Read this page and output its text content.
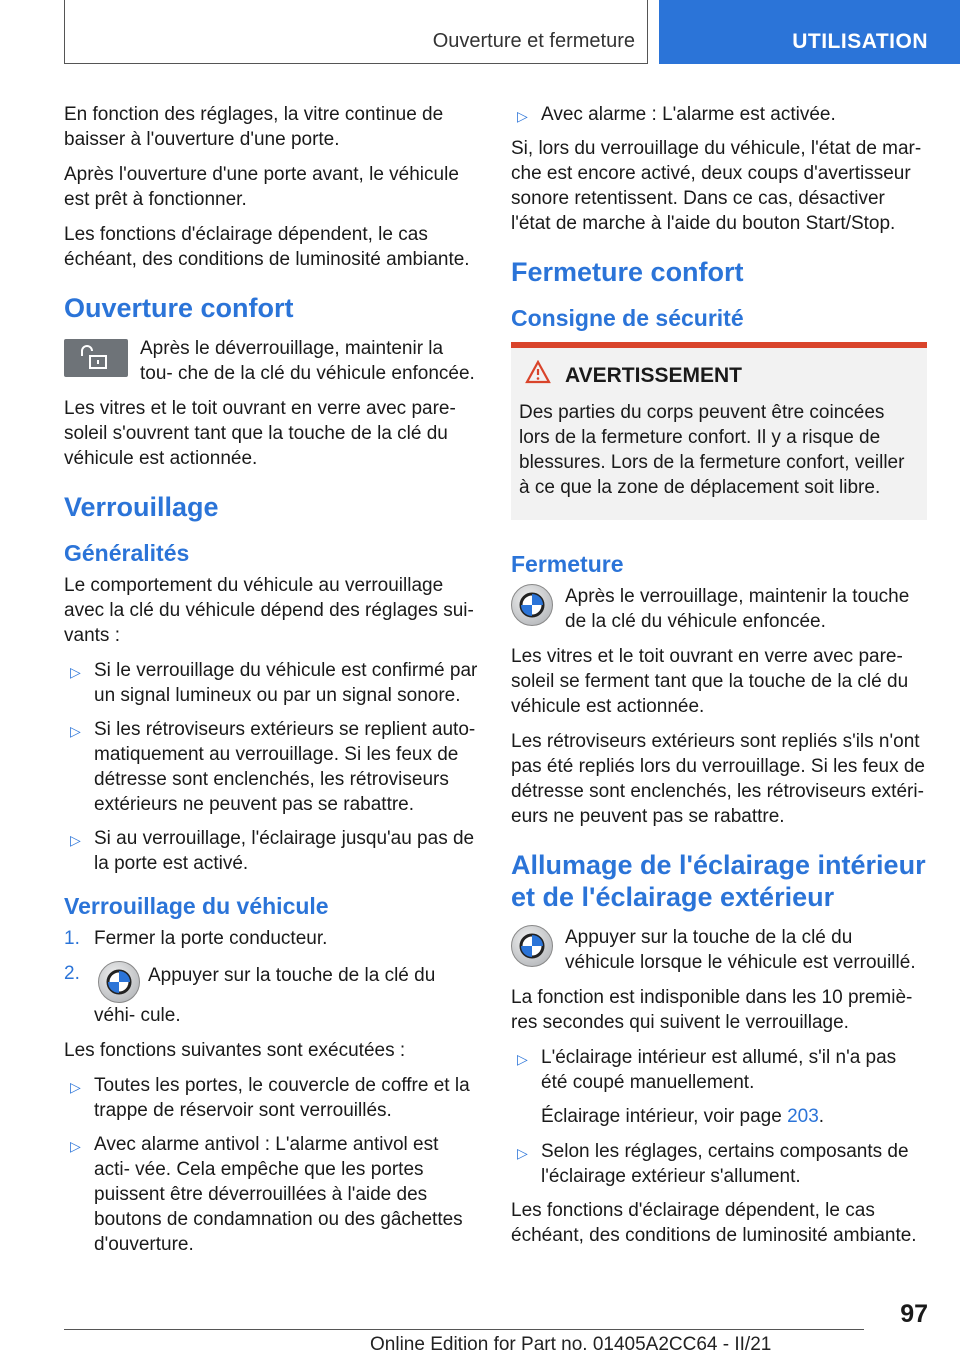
Ouverture et fermeture	UTILISATION

En fonction des réglages, la vitre continue de baisser à l'ouverture d'une porte.

Après l'ouverture d'une porte avant, le véhicule est prêt à fonctionner.

Les fonctions d'éclairage dépendent, le cas échéant, des conditions de luminosité ambiante.

Ouverture confort
Après le déverrouillage, maintenir la tou- che de la clé du véhicule enfoncée.

Les vitres et le toit ouvrant en verre avec pare-soleil s'ouvrent tant que la touche de la clé du véhicule est actionnée.

Verrouillage
Généralités

Le comportement du véhicule au verrouillage avec la clé du véhicule dépend des réglages sui- vants :

▷ Si le verrouillage du véhicule est confirmé par un signal lumineux ou par un signal sonore.
▷ Si les rétroviseurs extérieurs se replient auto- matiquement au verrouillage. Si les feux de détresse sont enclenchés, les rétroviseurs extérieurs ne peuvent pas se rabattre.
▷ Si au verrouillage, l'éclairage jusqu'au pas de la porte est activé.
Verrouillage du véhicule
1. Fermer la porte conducteur.
2.	Appuyer sur la touche de la clé du véhi- cule.

Les fonctions suivantes sont exécutées :

▷ Toutes les portes, le couvercle de coffre et la trappe de réservoir sont verrouillés.
▷ Avec alarme antivol : L'alarme antivol est acti- vée. Cela empêche que les portes puissent être déverrouillées à l'aide des boutons de condamnation ou des gâchettes d'ouverture.
▷ Avec alarme : L'alarme est activée.

Si, lors du verrouillage du véhicule, l'état de mar- che est encore activé, deux coups d'avertisseur sonore retentissent. Dans ce cas, désactiver l'état de marche à l'aide du bouton Start/Stop.

Fermeture confort
Consigne de sécurité
AVERTISSEMENT
Des parties du corps peuvent être coincées lors de la fermeture confort. Il y a risque de blessures. Lors de la fermeture confort, veiller à ce que la zone de déplacement soit libre.
Fermeture
Après le verrouillage, maintenir la touche de la clé du véhicule enfoncée.

Les vitres et le toit ouvrant en verre avec pare-soleil se ferment tant que la touche de la clé du véhicule est actionnée.

Les rétroviseurs extérieurs sont repliés s'ils n'ont pas été repliés lors du verrouillage. Si les feux de détresse sont enclenchés, les rétroviseurs extéri- eurs ne peuvent pas se rabattre.

Allumage de l'éclairage intérieur et de l'éclairage extérieur
Appuyer sur la touche de la clé du véhicule lorsque le véhicule est verrouillé.

La fonction est indisponible dans les 10 premiè- res secondes qui suivent le verrouillage.

▷ L'éclairage intérieur est allumé, s'il n'a pas été coupé manuellement.

Éclairage intérieur, voir page 203.

▷ Selon les réglages, certains composants de l'éclairage extérieur s'allument.

Les fonctions d'éclairage dépendent, le cas échéant, des conditions de luminosité ambiante.

97
Online Edition for Part no. 01405A2CC64 - II/21
